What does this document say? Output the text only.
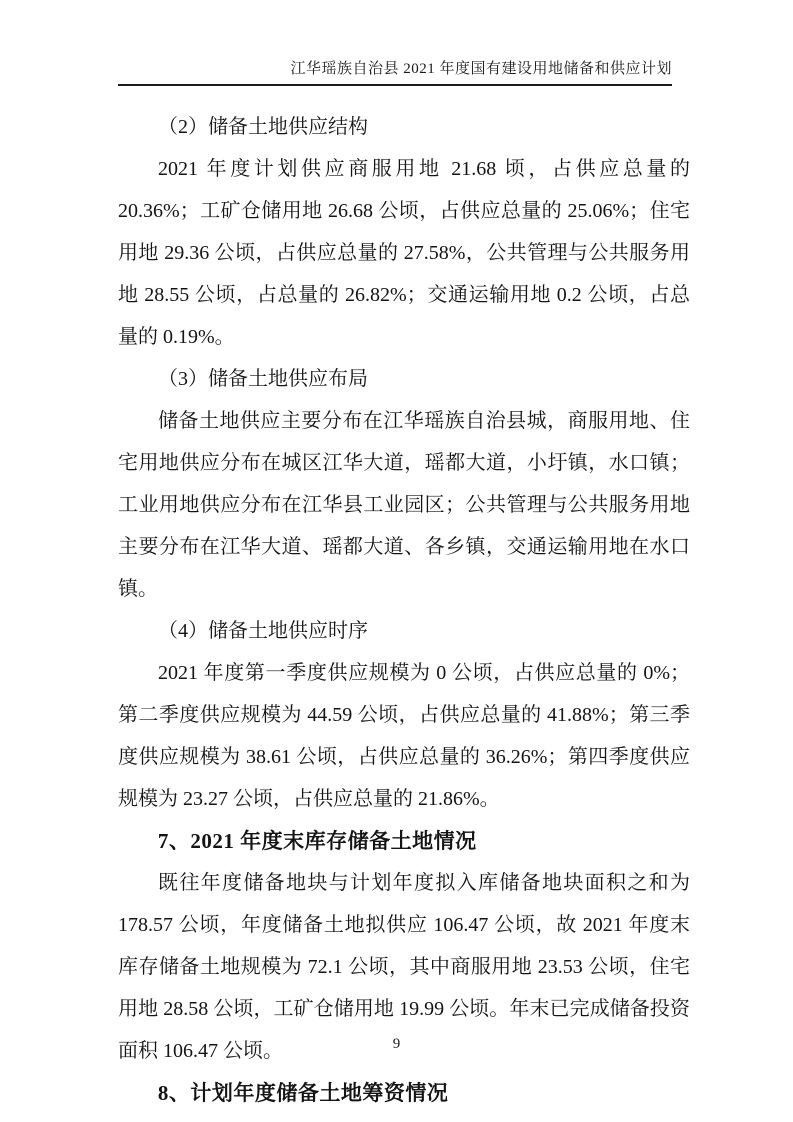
江华瑶族自治县 2021 年度国有建设用地储备和供应计划

（2）储备土地供应结构

2021 年度计划供应商服用地 21.68 顷，占供应总量的 20.36%；工矿仓储用地 26.68 公顷，占供应总量的 25.06%；住宅用地 29.36 公顷，占供应总量的 27.58%，公共管理与公共服务用地 28.55 公顷，占总量的 26.82%；交通运输用地 0.2 公顷，占总量的 0.19%。

（3）储备土地供应布局

储备土地供应主要分布在江华瑶族自治县城，商服用地、住宅用地供应分布在城区江华大道，瑶都大道，小圩镇，水口镇；工业用地供应分布在江华县工业园区；公共管理与公共服务用地主要分布在江华大道、瑶都大道、各乡镇，交通运输用地在水口镇。

（4）储备土地供应时序

2021 年度第一季度供应规模为 0 公顷，占供应总量的 0%；第二季度供应规模为 44.59 公顷，占供应总量的 41.88%；第三季度供应规模为 38.61 公顷，占供应总量的 36.26%；第四季度供应规模为 23.27 公顷，占供应总量的 21.86%。

7、2021 年度末库存储备土地情况

既往年度储备地块与计划年度拟入库储备地块面积之和为 178.57 公顷，年度储备土地拟供应 106.47 公顷，故 2021 年度末库存储备土地规模为 72.1 公顷，其中商服用地 23.53 公顷，住宅用地 28.58 公顷，工矿仓储用地 19.99 公顷。年末已完成储备投资面积 106.47 公顷。

8、计划年度储备土地筹资情况

9
